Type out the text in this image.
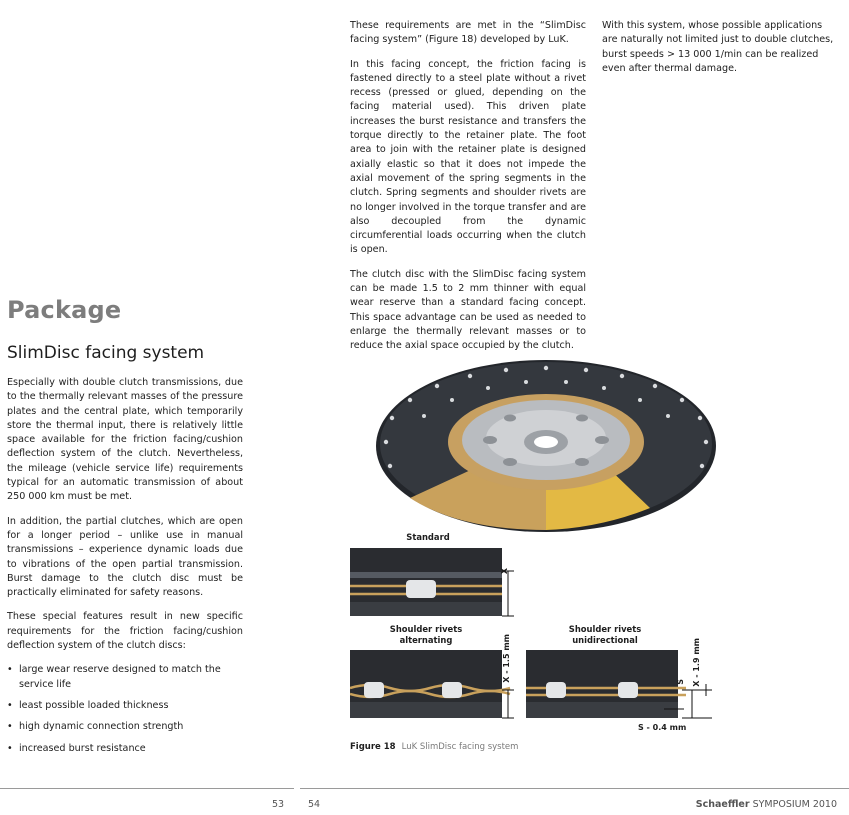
Package
SlimDisc facing system

Especially with double clutch transmissions, due to the thermally relevant masses of the pressure plates and the central plate, which temporarily store the thermal input, there is relatively little space available for the friction facing/cushion deflection system of the clutch. Nevertheless, the mileage (vehicle service life) requirements typical for an automatic transmission of about 250 000 km must be met.

In addition, the partial clutches, which are open for a longer period – unlike use in manual transmissions – experience dynamic loads due to vibrations of the open partial transmission. Burst damage to the clutch disc must be practically eliminated for safety reasons.

These special features result in new specific requirements for the friction facing/cushion deflection system of the clutch discs:

• large wear reserve designed to match the service life
• least possible loaded thickness
• high dynamic connection strength
• increased burst resistance

These requirements are met in the “SlimDisc facing system” (Figure 18) developed by LuK.

In this facing concept, the friction facing is fastened directly to a steel plate without a rivet recess (pressed or glued, depending on the facing material used). This driven plate increases the burst resistance and transfers the torque directly to the retainer plate. The foot area to join with the retainer plate is designed axially elastic so that it does not impede the axial movement of the spring segments in the clutch. Spring segments and shoulder rivets are no longer involved in the torque transfer and are also decoupled from the dynamic circumferential loads occurring when the clutch is open.

The clutch disc with the SlimDisc facing system can be made 1.5 to 2 mm thinner with equal wear reserve than a standard facing concept. This space advantage can be used as needed to enlarge the thermally relevant masses or to reduce the axial space occupied by the clutch.

With this system, whose possible applications are naturally not limited just to double clutches, burst speeds > 13 000 1/min can be realized even after thermal damage.

Standard
Shoulder rivets
alternating
Shoulder rivets
unidirectional
X
X - 1.5 mm	X - 1.9 mm
S
S - 0.4 mm
Figure 18 LuK SlimDisc facing system
53	54	Schaeffler SYMPOSIUM 2010
